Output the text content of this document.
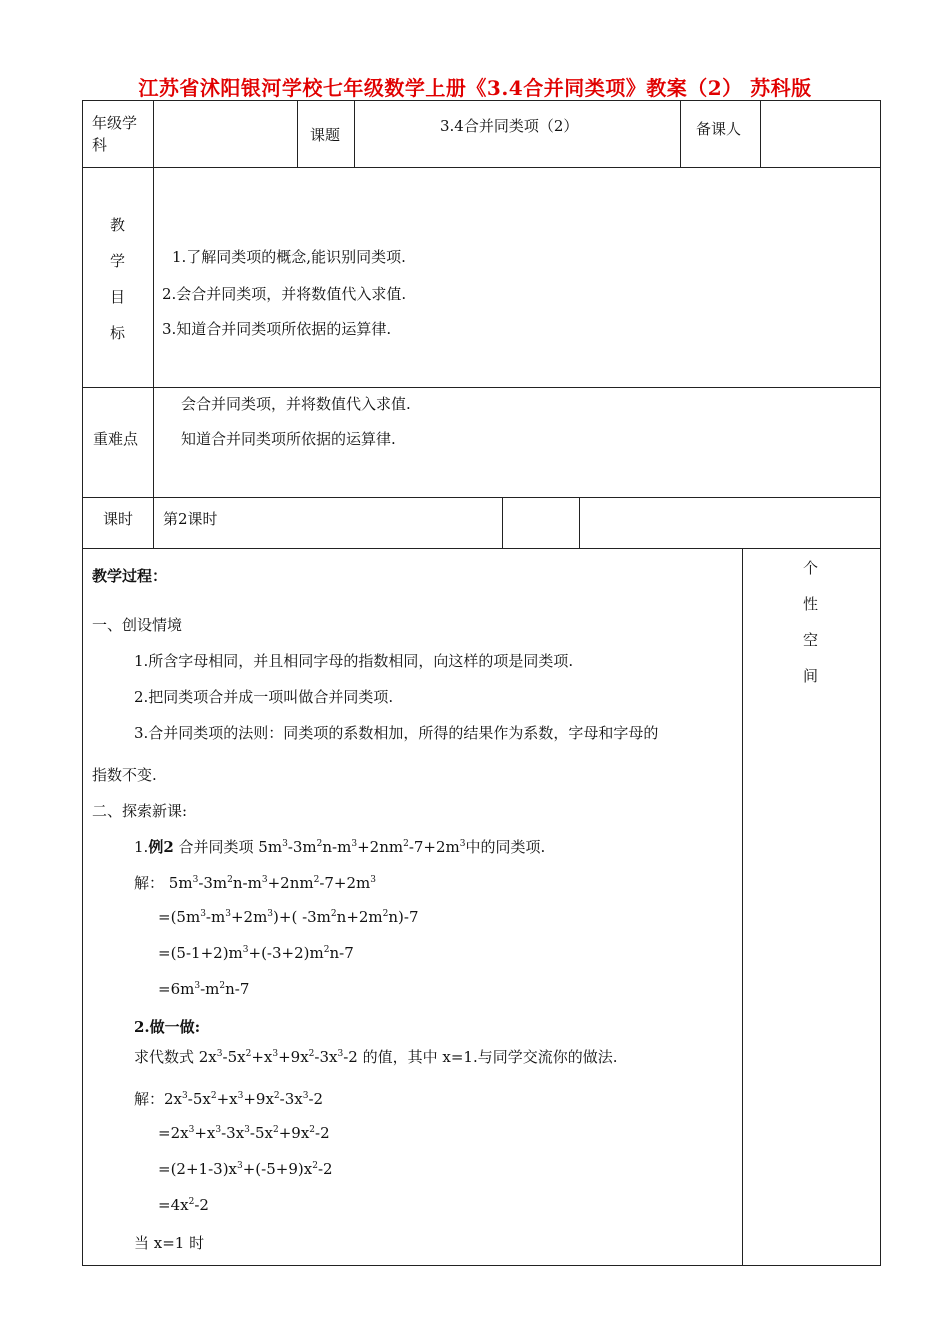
江苏省沭阳银河学校七年级数学上册《3.4合并同类项》教案（2） 苏科版
年级学
科
课题	3.4合并同类项（2）	备课人
教
学
目
标
1.了解同类项的概念,能识别同类项.
2.会合并同类项，并将数值代入求值.
3.知道合并同类项所依据的运算律.
重难点
会合并同类项，并将数值代入求值.
知道合并同类项所依据的运算律.
课时 第2课时
个
性
空
间
教学过程：
一、创设情境
1.所含字母相同，并且相同字母的指数相同，向这样的项是同类项.
2.把同类项合并成一项叫做合并同类项.
3.合并同类项的法则：同类项的系数相加，所得的结果作为系数，字母和字母的
指数不变.
二、探索新课:
1.例2 合并同类项 $5m^3-3m^2n-m^3+2nm^2-7+2m^3$中的同类项.
解： $5m^3-3m^2n-m^3+2nm^2-7+2m^3$
$=(5m^3-m^3+2m^3)+$( $-3m^2n+2m^2n)-7$
$=(5-1+2)m^3+(-3+2)m^2n-7$
$=6m^3-m^2n-7$
2.做一做:
求代数式 $2x^3-5x^2+x^3+9x^2-3x^3-2$ 的值，其中 x=1.与同学交流你的做法.
解：$2x^3-5x^2+x^3+9x^2-3x^3-2$
$=2x^3+x^3-3x^3-5x^2+9x^2-2$
$=(2+1-3)x^3+(-5+9)x^2-2$
$=4x^2-2$
当 x=1 时
